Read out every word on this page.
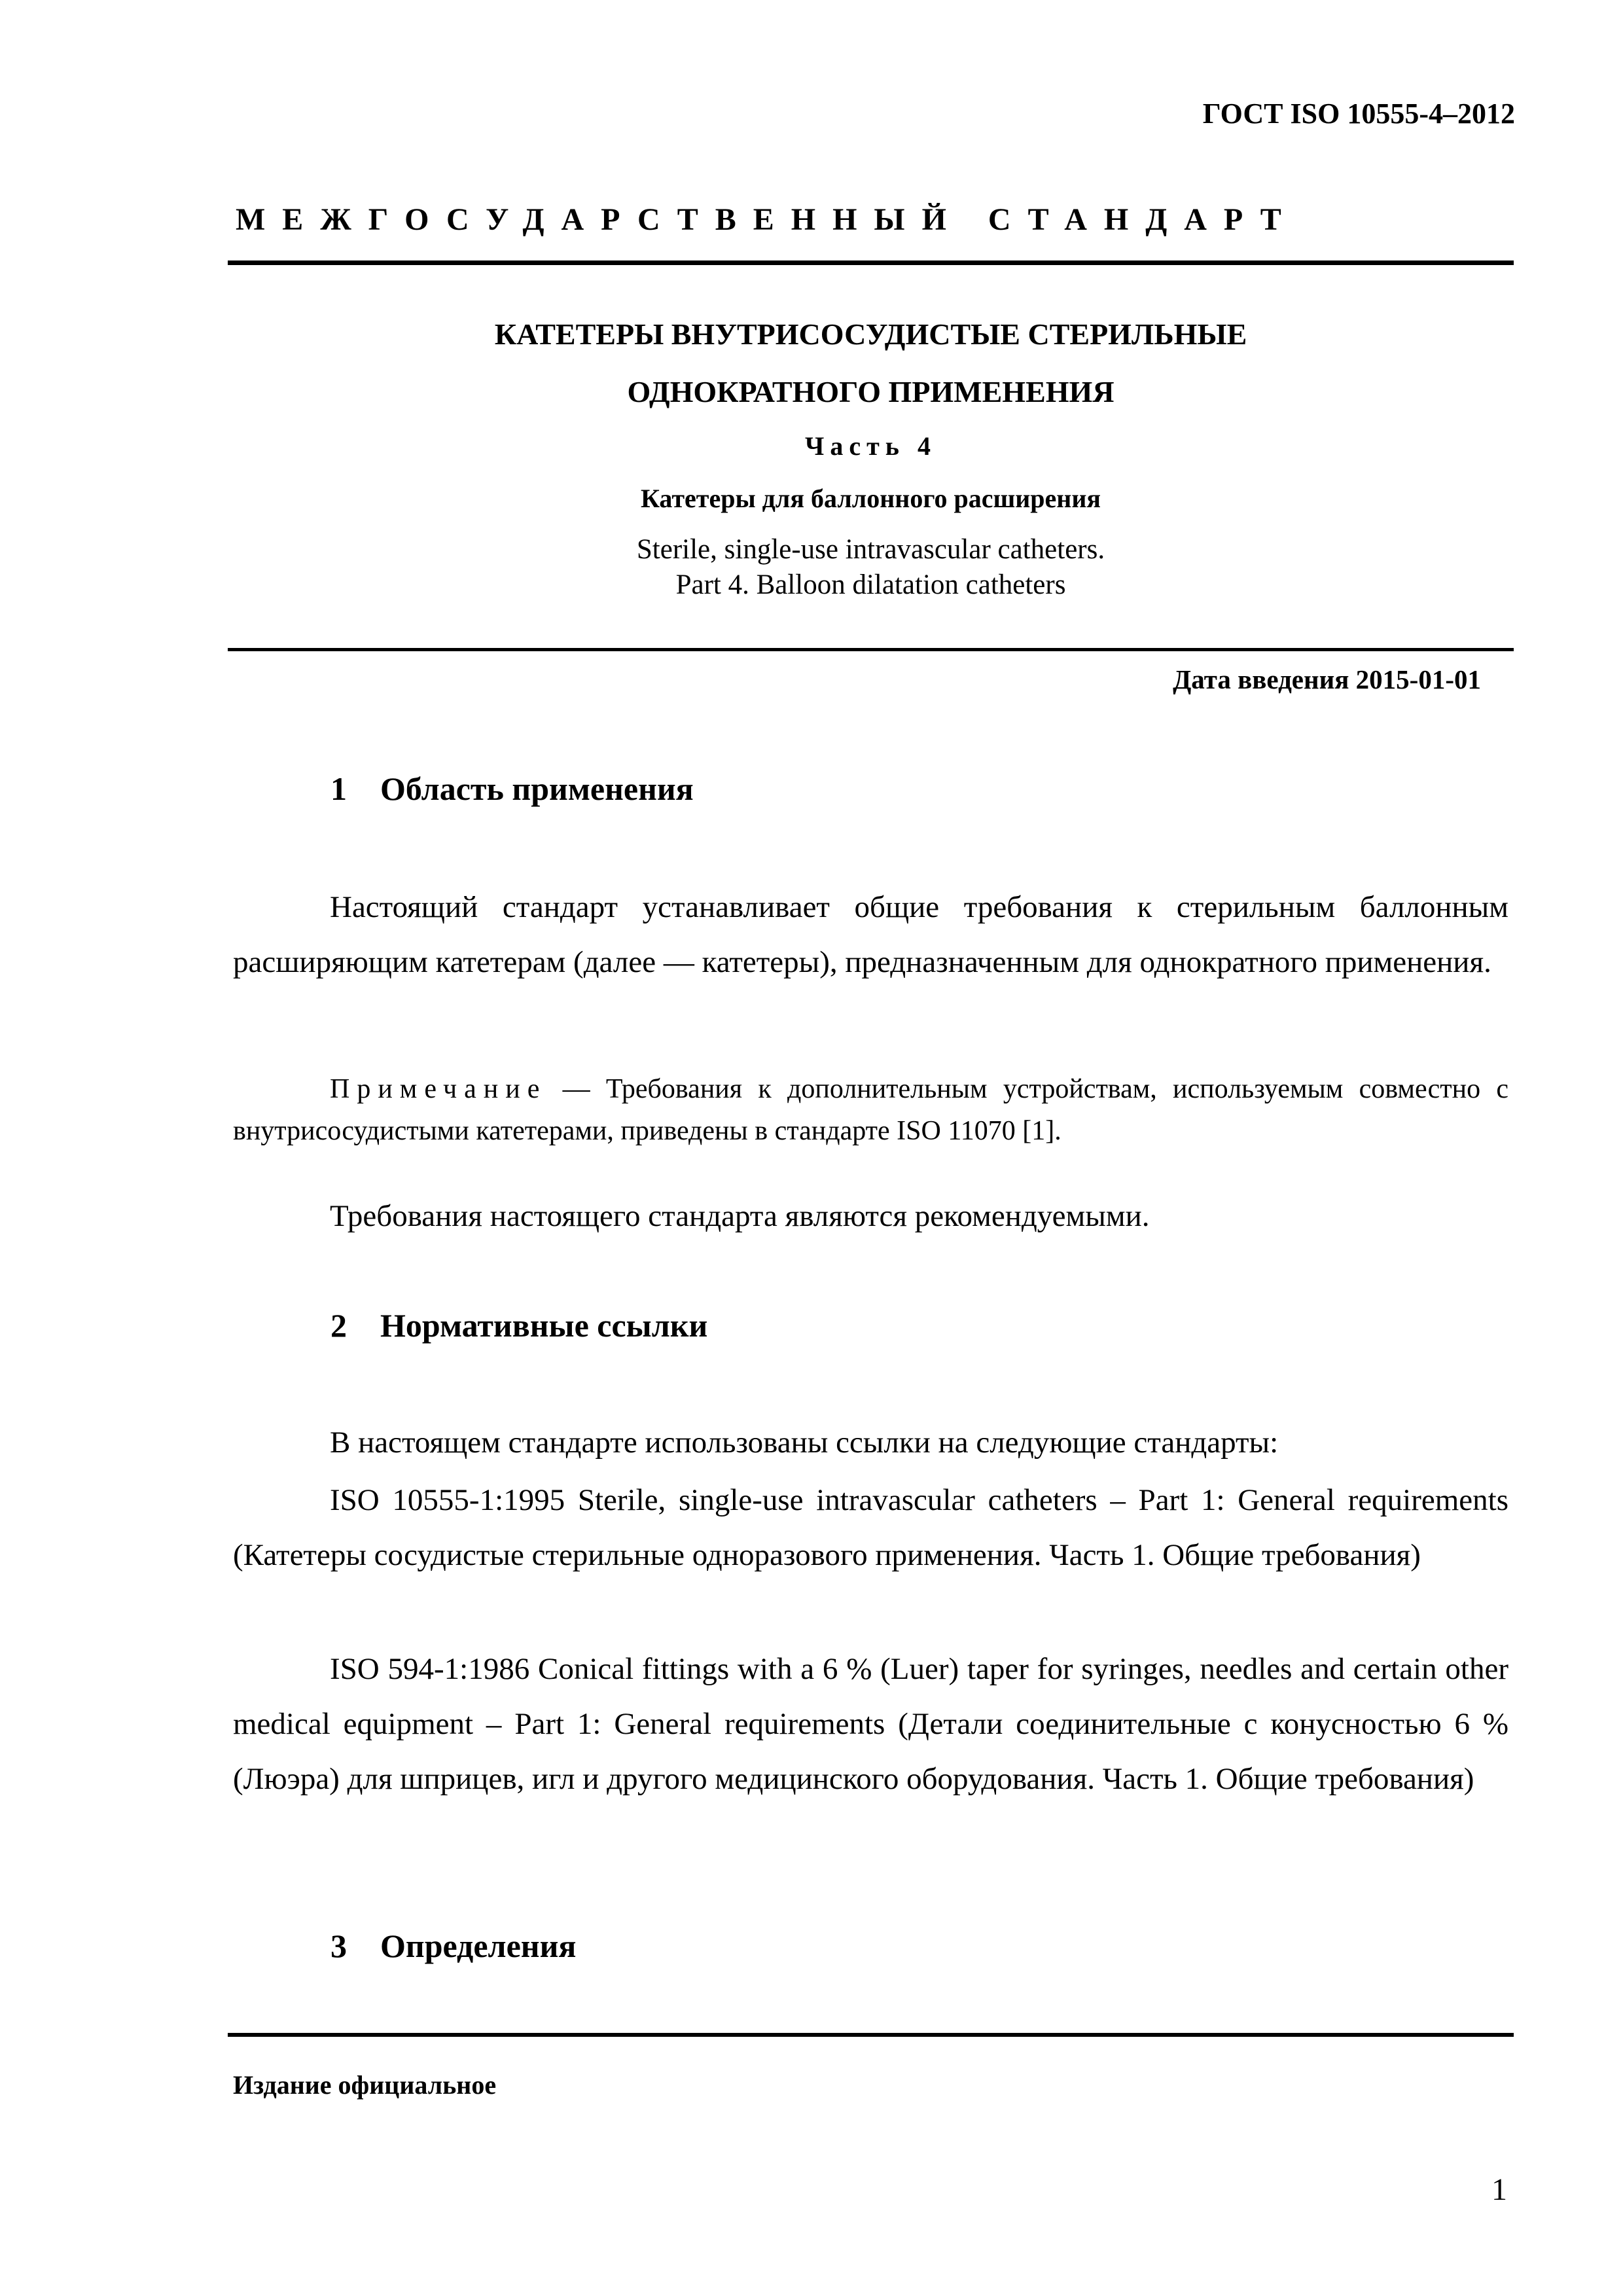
ГОСТ ISO 10555-4–2012
МЕЖГОСУДАРСТВЕННЫЙ СТАНДАРТ
КАТЕТЕРЫ ВНУТРИСОСУДИСТЫЕ СТЕРИЛЬНЫЕ
ОДНОКРАТНОГО ПРИМЕНЕНИЯ
Часть 4
Катетеры для баллонного расширения
Sterile, single-use intravascular catheters.
Part 4. Balloon dilatation catheters
Дата введения 2015-01-01
1 Область применения

Настоящий стандарт устанавливает общие требования к стерильным баллонным расширяющим катетерам (далее — катетеры), предназначенным для однократного применения.

Примечание — Требования к дополнительным устройствам, используемым совместно с внутрисосудистыми катетерами, приведены в стандарте ISO 11070 [1].

Требования настоящего стандарта являются рекомендуемыми.

2 Нормативные ссылки

В настоящем стандарте использованы ссылки на следующие стандарты:

ISO 10555-1:1995 Sterile, single-use intravascular catheters – Part 1: General requirements (Катетеры сосудистые стерильные одноразового применения. Часть 1. Общие требования)

ISO 594-1:1986 Conical fittings with a 6 % (Luer) taper for syringes, needles and certain other medical equipment – Part 1: General requirements (Детали соединительные с конусностью 6 % (Люэра) для шприцев, игл и другого медицинского оборудования. Часть 1. Общие требования)

3 Определения
Издание официальное
1
